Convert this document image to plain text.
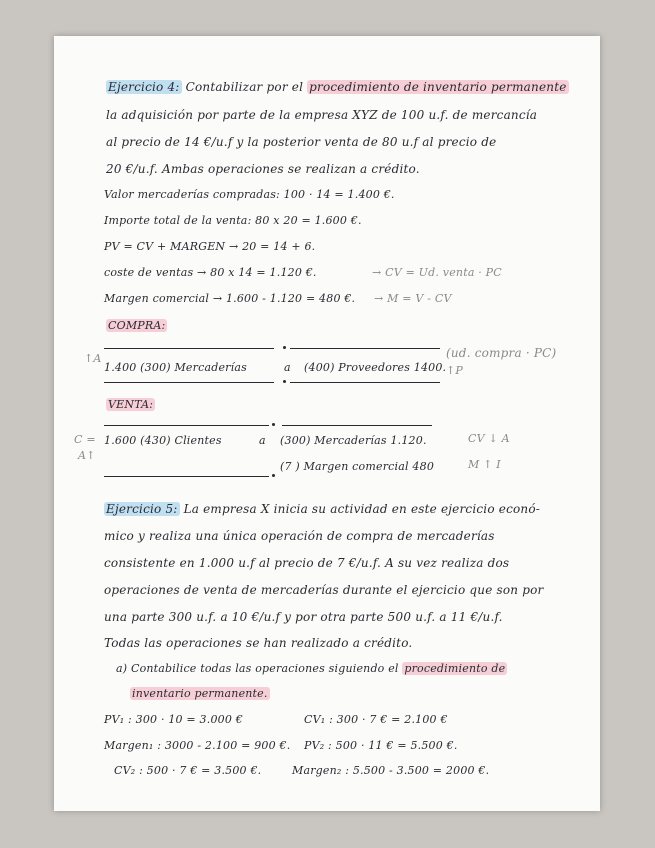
Ejercicio 4: Contabilizar por el procedimiento de inventario permanente
la adquisición por parte de la empresa XYZ de 100 u.f. de mercancía
al precio de 14 €/u.f y la posterior venta de 80 u.f al precio de
20 €/u.f. Ambas operaciones se realizan a crédito.
Valor mercaderías compradas: 100 · 14 = 1.400 €.
Importe total de la venta: 80 x 20 = 1.600 €.
PV = CV + MARGEN → 20 = 14 + 6.
coste de ventas → 80 x 14 = 1.120 €.	→ CV = Ud. venta · PC
Margen comercial → 1.600 - 1.120 = 480 €. → M = V - CV
COMPRA:
↑A
1.400 (300) Mercaderías	a (400) Proveedores 1400.
(ud. compra · PC)
↑P
VENTA:
C =
A↑
1.600 (430) Clientes	a (300) Mercaderías 1.120.	CV ↓ A
(7 ) Margen comercial 480	M ↑ I
Ejercicio 5: La empresa X inicia su actividad en este ejercicio econó-
mico y realiza una única operación de compra de mercaderías
consistente en 1.000 u.f al precio de 7 €/u.f. A su vez realiza dos
operaciones de venta de mercaderías durante el ejercicio que son por
una parte 300 u.f. a 10 €/u.f y por otra parte 500 u.f. a 11 €/u.f.
Todas las operaciones se han realizado a crédito.
a) Contabilice todas las operaciones siguiendo el procedimiento de
inventario permanente.
PV₁ : 300 · 10 = 3.000 €	CV₁ : 300 · 7 € = 2.100 €
Margen₁ : 3000 - 2.100 = 900 €. PV₂ : 500 · 11 € = 5.500 €.
CV₂ : 500 · 7 € = 3.500 €.	Margen₂ : 5.500 - 3.500 = 2000 €.
